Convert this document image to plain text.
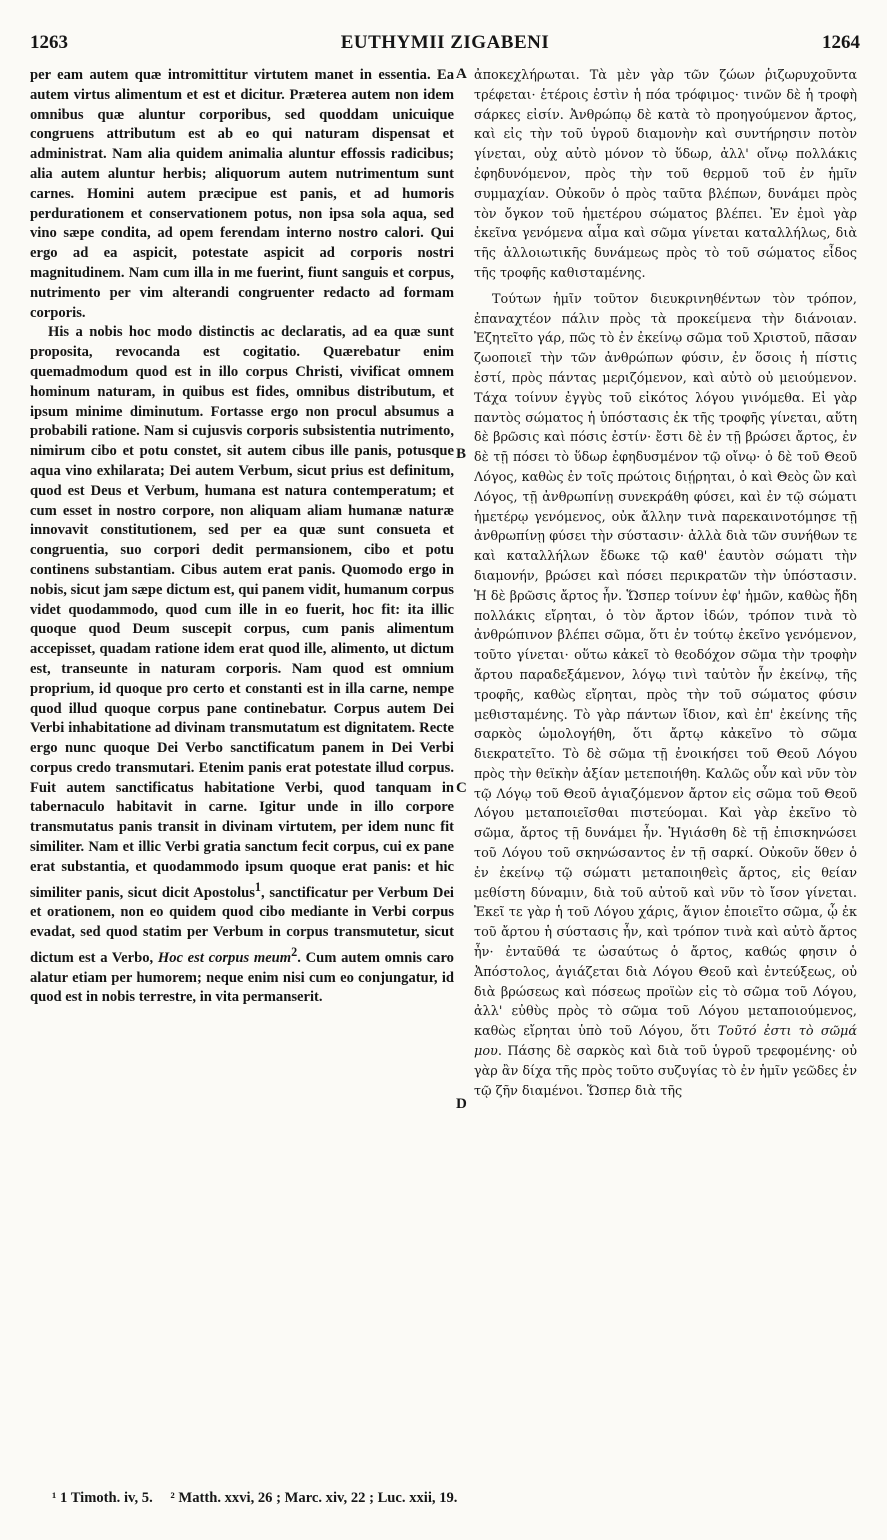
1263	EUTHYMII ZIGABENI	1264

per eam autem quæ intromittitur virtutem manet in essentia. Ea autem virtus alimentum et est et dicitur. Præterea autem non idem omnibus quæ aluntur corporibus, sed quoddam unicuique congruens attributum est ab eo qui naturam dispensat et administrat. Nam alia quidem animalia aluntur effossis radicibus; alia autem aluntur herbis; aliquorum autem nutrimentum sunt carnes. Homini autem præcipue est panis, et ad humoris perdurationem et conservationem potus, non ipsa sola aqua, sed vino sæpe condita, ad opem ferendam interno nostro calori. Qui ergo ad ea aspicit, potestate aspicit ad corporis nostri magnitudinem. Nam cum illa in me fuerint, fiunt sanguis et corpus, nutrimento per vim alterandi congruenter redacto ad formam corporis.

His a nobis hoc modo distinctis ac declaratis, ad ea quæ sunt proposita, revocanda est cogitatio. Quærebatur enim quemadmodum quod est in illo corpus Christi, vivificat omnem hominum naturam, in quibus est fides, omnibus distributum, et ipsum minime diminutum. Fortasse ergo non procul absumus a probabili ratione. Nam si cujusvis corporis subsistentia nutrimento, nimirum cibo et potu constet, sit autem cibus ille panis, potusque aqua vino exhilarata; Dei autem Verbum, sicut prius est definitum, quod est Deus et Verbum, humana est natura contemperatum; et cum esset in nostro corpore, non aliquam aliam humanæ naturæ innovavit constitutionem, sed per ea quæ sunt consueta et congruentia, suo corpori dedit permansionem, cibo et potu continens substantiam. Cibus autem erat panis. Quomodo ergo in nobis, sicut jam sæpe dictum est, qui panem vidit, humanum corpus videt quodammodo, quod cum ille in eo fuerit, hoc fit: ita illic quoque quod Deum suscepit corpus, cum panis alimentum accepisset, quadam ratione idem erat quod ille, alimento, ut dictum est, transeunte in naturam corporis. Nam quod est omnium proprium, id quoque pro certo et constanti est in illa carne, nempe quod illud quoque corpus pane continebatur. Corpus autem Dei Verbi inhabitatione ad divinam transmutatum est dignitatem. Recte ergo nunc quoque Dei Verbo sanctificatum panem in Dei Verbi corpus credo transmutari. Etenim panis erat potestate illud corpus. Fuit autem sanctificatus habitatione Verbi, quod tanquam in tabernaculo habitavit in carne. Igitur unde in illo corpore transmutatus panis transit in divinam virtutem, per idem nunc fit similiter. Nam et illic Verbi gratia sanctum fecit corpus, cui ex pane erat substantia, et quodammodo ipsum quoque erat panis: et hic similiter panis, sicut dicit Apostolus$^1$, sanctificatur per Verbum Dei et orationem, non eo quidem quod cibo mediante in Verbi corpus evadat, sed quod statim per Verbum in corpus transmutetur, sicut dictum est a Verbo, Hoc est corpus meum$^2$. Cum autem omnis caro alatur etiam per humorem; neque enim nisi cum eo conjungatur, id quod est in nobis terrestre, in vita permanserit.

A
B
C
D

ἀποκεχλήρωται. Τὰ μὲν γὰρ τῶν ζώων ῥιζωρυχοῦντα τρέφεται· ἑτέροις ἐστὶν ἡ πόα τρόφιμος· τινῶν δὲ ἡ τροφὴ σάρκες εἰσίν. Ἀνθρώπῳ δὲ κατὰ τὸ προηγούμενον ἄρτος, καὶ εἰς τὴν τοῦ ὑγροῦ διαμονὴν καὶ συντήρησιν ποτὸν γίνεται, οὐχ αὐτὸ μόνον τὸ ὕδωρ, ἀλλ' οἴνῳ πολλάκις ἐφηδυνόμενον, πρὸς τὴν τοῦ θερμοῦ τοῦ ἐν ἡμῖν συμμαχίαν. Οὐκοῦν ὁ πρὸς ταῦτα βλέπων, δυνάμει πρὸς τὸν ὄγκον τοῦ ἡμετέρου σώματος βλέπει. Ἐν ἐμοὶ γὰρ ἐκεῖνα γενόμενα αἷμα καὶ σῶμα γίνεται καταλλήλως, διὰ τῆς ἀλλοιωτικῆς δυνάμεως πρὸς τὸ τοῦ σώματος εἶδος τῆς τροφῆς καθισταμένης.

Τούτων ἡμῖν τοῦτον διευκρινηθέντων τὸν τρόπον, ἐπαναχτέον πάλιν πρὸς τὰ προκείμενα τὴν διάνοιαν. Ἐζητεῖτο γάρ, πῶς τὸ ἐν ἐκείνῳ σῶμα τοῦ Χριστοῦ, πᾶσαν ζωοποιεῖ τὴν τῶν ἀνθρώπων φύσιν, ἐν ὅσοις ἡ πίστις ἐστί, πρὸς πάντας μεριζόμενον, καὶ αὐτὸ οὐ μειούμενον. Τάχα τοίνυν ἐγγὺς τοῦ εἰκότος λόγου γινόμεθα. Εἰ γὰρ παντὸς σώματος ἡ ὑπόστασις ἐκ τῆς τροφῆς γίνεται, αὕτη δὲ βρῶσις καὶ πόσις ἐστίν· ἔστι δὲ ἐν τῇ βρώσει ἄρτος, ἐν δὲ τῇ πόσει τὸ ὕδωρ ἐφηδυσμένον τῷ οἴνῳ· ὁ δὲ τοῦ Θεοῦ Λόγος, καθὼς ἐν τοῖς πρώτοις διῄρηται, ὁ καὶ Θεὸς ὢν καὶ Λόγος, τῇ ἀνθρωπίνῃ συνεκράθη φύσει, καὶ ἐν τῷ σώματι ἡμετέρῳ γενόμενος, οὐκ ἄλλην τινὰ παρεκαινοτόμησε τῇ ἀνθρωπίνῃ φύσει τὴν σύστασιν· ἀλλὰ διὰ τῶν συνήθων τε καὶ καταλλήλων ἔδωκε τῷ καθ' ἑαυτὸν σώματι τὴν διαμονήν, βρώσει καὶ πόσει περικρατῶν τὴν ὑπόστασιν. Ἡ δὲ βρῶσις ἄρτος ἦν. Ὥσπερ τοίνυν ἐφ' ἡμῶν, καθὼς ἤδη πολλάκις εἴρηται, ὁ τὸν ἄρτον ἰδών, τρόπον τινὰ τὸ ἀνθρώπινον βλέπει σῶμα, ὅτι ἐν τούτῳ ἐκεῖνο γενόμενον, τοῦτο γίνεται· οὕτω κἀκεῖ τὸ θεοδόχον σῶμα τὴν τροφὴν ἄρτου παραδεξάμενον, λόγῳ τινὶ ταὐτὸν ἦν ἐκείνῳ, τῆς τροφῆς, καθὼς εἴρηται, πρὸς τὴν τοῦ σώματος φύσιν μεθισταμένης. Τὸ γὰρ πάντων ἴδιον, καὶ ἐπ' ἐκείνης τῆς σαρκὸς ὡμολογήθη, ὅτι ἄρτῳ κἀκεῖνο τὸ σῶμα διεκρατεῖτο. Τὸ δὲ σῶμα τῇ ἐνοικήσει τοῦ Θεοῦ Λόγου πρὸς τὴν θεϊκὴν ἀξίαν μετεποιήθη. Καλῶς οὖν καὶ νῦν τὸν τῷ Λόγῳ τοῦ Θεοῦ ἁγιαζόμενον ἄρτον εἰς σῶμα τοῦ Θεοῦ Λόγου μεταποιεῖσθαι πιστεύομαι. Καὶ γὰρ ἐκεῖνο τὸ σῶμα, ἄρτος τῇ δυνάμει ἦν. Ἡγιάσθη δὲ τῇ ἐπισκηνώσει τοῦ Λόγου τοῦ σκηνώσαντος ἐν τῇ σαρκί. Οὐκοῦν ὅθεν ὁ ἐν ἐκείνῳ τῷ σώματι μεταποιηθεὶς ἄρτος, εἰς θείαν μεθίστη δύναμιν, διὰ τοῦ αὐτοῦ καὶ νῦν τὸ ἴσον γίνεται. Ἐκεῖ τε γὰρ ἡ τοῦ Λόγου χάρις, ἅγιον ἐποιεῖτο σῶμα, ᾧ ἐκ τοῦ ἄρτου ἡ σύστασις ἦν, καὶ τρόπον τινὰ καὶ αὐτὸ ἄρτος ἦν· ἐνταῦθά τε ὡσαύτως ὁ ἄρτος, καθώς φησιν ὁ Ἀπόστολος, ἁγιάζεται διὰ Λόγου Θεοῦ καὶ ἐντεύξεως, οὐ διὰ βρώσεως καὶ πόσεως προϊὼν εἰς τὸ σῶμα τοῦ Λόγου, ἀλλ' εὐθὺς πρὸς τὸ σῶμα τοῦ Λόγου μεταποιούμενος, καθὼς εἴρηται ὑπὸ τοῦ Λόγου, ὅτι Τοῦτό ἐστι τὸ σῶμά μου. Πάσης δὲ σαρκὸς καὶ διὰ τοῦ ὑγροῦ τρεφομένης· οὐ γὰρ ἂν δίχα τῆς πρὸς τοῦτο συζυγίας τὸ ἐν ἡμῖν γεῶδες ἐν τῷ ζῆν διαμένοι. Ὥσπερ διὰ τῆς

¹ 1 Timoth. iv, 5. ² Matth. xxvi, 26 ; Marc. xiv, 22 ; Luc. xxii, 19.
